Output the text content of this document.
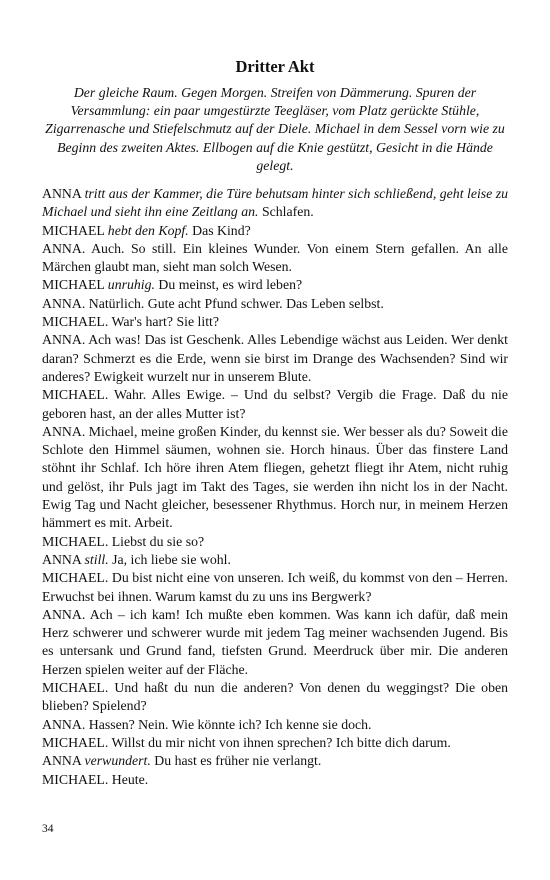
Dritter Akt
Der gleiche Raum. Gegen Morgen. Streifen von Dämmerung. Spuren der Versammlung: ein paar umgestürzte Teegläser, vom Platz gerückte Stühle, Zigarrenasche und Stiefelschmutz auf der Diele. Michael in dem Sessel vorn wie zu Beginn des zweiten Aktes. Ellbogen auf die Knie gestützt, Gesicht in die Hände gelegt.

ANNA tritt aus der Kammer, die Türe behutsam hinter sich schließend, geht leise zu Michael und sieht ihn eine Zeitlang an. Schlafen.

MICHAEL hebt den Kopf. Das Kind?

ANNA. Auch. So still. Ein kleines Wunder. Von einem Stern gefallen. An alle Märchen glaubt man, sieht man solch Wesen.

MICHAEL unruhig. Du meinst, es wird leben?

ANNA. Natürlich. Gute acht Pfund schwer. Das Leben selbst.

MICHAEL. War's hart? Sie litt?

ANNA. Ach was! Das ist Geschenk. Alles Lebendige wächst aus Leiden. Wer denkt daran? Schmerzt es die Erde, wenn sie birst im Drange des Wachsenden? Sind wir anderes? Ewigkeit wurzelt nur in unserem Blute.

MICHAEL. Wahr. Alles Ewige. – Und du selbst? Vergib die Frage. Daß du nie geboren hast, an der alles Mutter ist?

ANNA. Michael, meine großen Kinder, du kennst sie. Wer besser als du? Soweit die Schlote den Himmel säumen, wohnen sie. Horch hinaus. Über das finstere Land stöhnt ihr Schlaf. Ich höre ihren Atem fliegen, gehetzt fliegt ihr Atem, nicht ruhig und gelöst, ihr Puls jagt im Takt des Tages, sie werden ihn nicht los in der Nacht. Ewig Tag und Nacht gleicher, besessener Rhythmus. Horch nur, in meinem Herzen hämmert es mit. Arbeit.

MICHAEL. Liebst du sie so?

ANNA still. Ja, ich liebe sie wohl.

MICHAEL. Du bist nicht eine von unseren. Ich weiß, du kommst von den – Herren. Erwuchst bei ihnen. Warum kamst du zu uns ins Bergwerk?

ANNA. Ach – ich kam! Ich mußte eben kommen. Was kann ich dafür, daß mein Herz schwerer und schwerer wurde mit jedem Tag meiner wachsenden Jugend. Bis es untersank und Grund fand, tiefsten Grund. Meerdruck über mir. Die anderen Herzen spielen weiter auf der Fläche.

MICHAEL. Und haßt du nun die anderen? Von denen du weggingst? Die oben blieben? Spielend?

ANNA. Hassen? Nein. Wie könnte ich? Ich kenne sie doch.

MICHAEL. Willst du mir nicht von ihnen sprechen? Ich bitte dich darum.

ANNA verwundert. Du hast es früher nie verlangt.

MICHAEL. Heute.

34
